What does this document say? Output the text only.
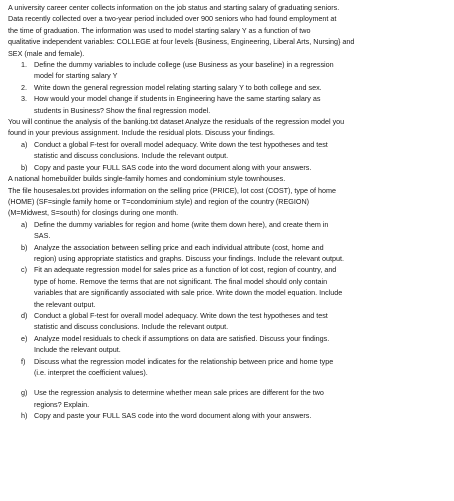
A university career center collects information on the job status and starting salary of graduating seniors.

Data recently collected over a two-year period included over 900 seniors who had found employment at

the time of graduation. The information was used to model starting salary Y as a function of two

qualitative independent variables: COLLEGE at four levels {Business, Engineering, Liberal Arts, Nursing} and

SEX (male and female).

1. Define the dummy variables to include college (use Business as your baseline) in a regression

model for starting salary Y

2. Write down the general regression model relating starting salary Y to both college and sex.

3. How would your model change if students in Engineering have the same starting salary as

students in Business? Show the final regression model.

You will continue the analysis of the banking.txt dataset Analyze the residuals of the regression model you

found in your previous assignment. Include the residual plots. Discuss your findings.

a) Conduct a global F-test for overall model adequacy. Write down the test hypotheses and test

statistic and discuss conclusions. Include the relevant output.

b) Copy and paste your FULL SAS code into the word document along with your answers.

A national homebuilder builds single-family homes and condominium style townhouses.

The file housesales.txt provides information on the selling price (PRICE), lot cost (COST), type of home

(HOME) (SF=single family home or T=condominium style) and region of the country (REGION)

(M=Midwest, S=south) for closings during one month.

a) Define the dummy variables for region and home (write them down here), and create them in

SAS.

b) Analyze the association between selling price and each individual attribute (cost, home and

region) using appropriate statistics and graphs. Discuss your findings. Include the relevant output.

c) Fit an adequate regression model for sales price as a function of lot cost, region of country, and

type of home. Remove the terms that are not significant. The final model should only contain

variables that are significantly associated with sale price. Write down the model equation. Include

the relevant output.

d) Conduct a global F-test for overall model adequacy. Write down the test hypotheses and test

statistic and discuss conclusions. Include the relevant output.

e) Analyze model residuals to check if assumptions on data are satisfied. Discuss your findings.

Include the relevant output.

f) Discuss what the regression model indicates for the relationship between price and home type

(i.e. interpret the coefficient values).

g) Use the regression analysis to determine whether mean sale prices are different for the two

regions? Explain.

h) Copy and paste your FULL SAS code into the word document along with your answers.
